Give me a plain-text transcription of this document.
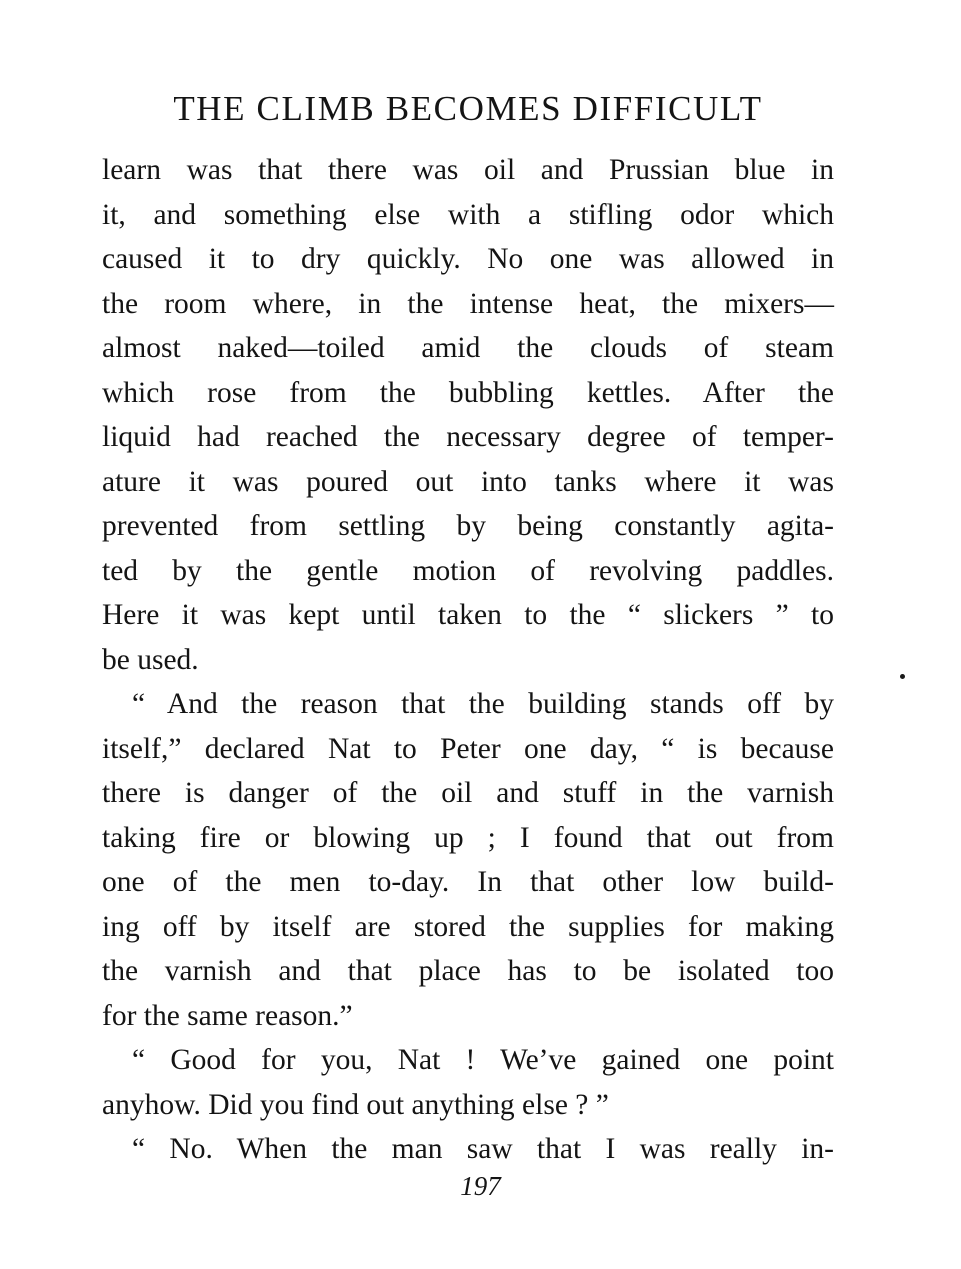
THE CLIMB BECOMES DIFFICULT
learn was that there was oil and Prussian blue in
it, and something else with a stifling odor which
caused it to dry quickly. No one was allowed in
the room where, in the intense heat, the mixers—
almost naked—toiled amid the clouds of steam
which rose from the bubbling kettles. After the
liquid had reached the necessary degree of temper-
ature it was poured out into tanks where it was
prevented from settling by being constantly agita-
ted by the gentle motion of revolving paddles.
Here it was kept until taken to the “ slickers ” to
be used.
“ And the reason that the building stands off by
itself,” declared Nat to Peter one day, “ is because
there is danger of the oil and stuff in the varnish
taking fire or blowing up ; I found that out from
one of the men to-day. In that other low build-
ing off by itself are stored the supplies for making
the varnish and that place has to be isolated too
for the same reason.”
“ Good for you, Nat ! We’ve gained one point
anyhow. Did you find out anything else ? ”
“ No. When the man saw that I was really in-
197
